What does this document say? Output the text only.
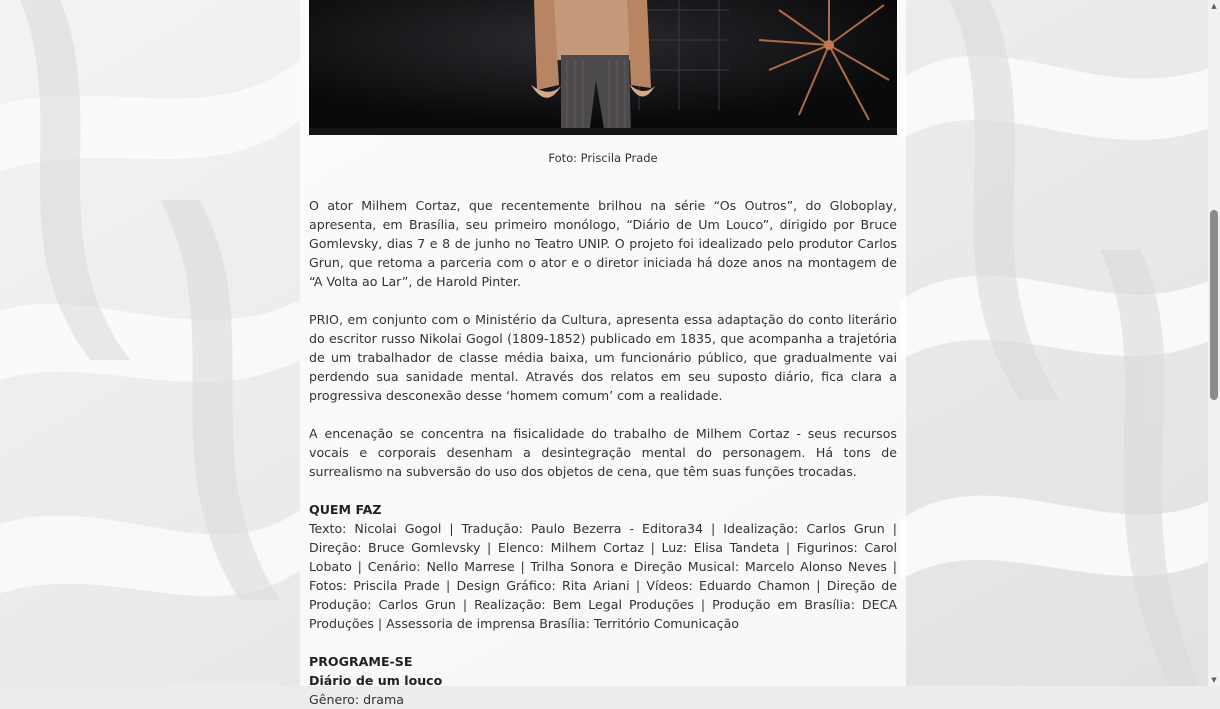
Foto: Priscila Prade

O ator Milhem Cortaz, que recentemente brilhou na série “Os Outros”, do Globoplay, apresenta, em Brasília, seu primeiro monólogo, “Diário de Um Louco”, dirigido por Bruce Gomlevsky, dias 7 e 8 de junho no Teatro UNIP. O projeto foi idealizado pelo produtor Carlos Grun, que retoma a parceria com o ator e o diretor iniciada há doze anos na montagem de “A Volta ao Lar”, de Harold Pinter.

PRIO, em conjunto com o Ministério da Cultura, apresenta essa adaptação do conto literário do escritor russo Nikolai Gogol (1809-1852) publicado em 1835, que acompanha a trajetória de um trabalhador de classe média baixa, um funcionário público, que gradualmente vai perdendo sua sanidade mental. Através dos relatos em seu suposto diário, fica clara a progressiva desconexão desse ‘homem comum’ com a realidade.

A encenação se concentra na fisicalidade do trabalho de Milhem Cortaz - seus recursos vocais e corporais desenham a desintegração mental do personagem. Há tons de surrealismo na subversão do uso dos objetos de cena, que têm suas funções trocadas.

QUEM FAZ

Texto: Nicolai Gogol | Tradução: Paulo Bezerra - Editora34 | Idealização: Carlos Grun | Direção: Bruce Gomlevsky | Elenco: Milhem Cortaz | Luz: Elisa Tandeta | Figurinos: Carol Lobato | Cenário: Nello Marrese | Trilha Sonora e Direção Musical: Marcelo Alonso Neves | Fotos: Priscila Prade | Design Gráfico: Rita Ariani | Vídeos: Eduardo Chamon | Direção de Produção: Carlos Grun | Realização: Bem Legal Produções | Produção em Brasília: DECA Produções | Assessoria de imprensa Brasília: Território Comunicação

PROGRAME-SE

Diário de um louco

Gênero: drama

▲
▼
